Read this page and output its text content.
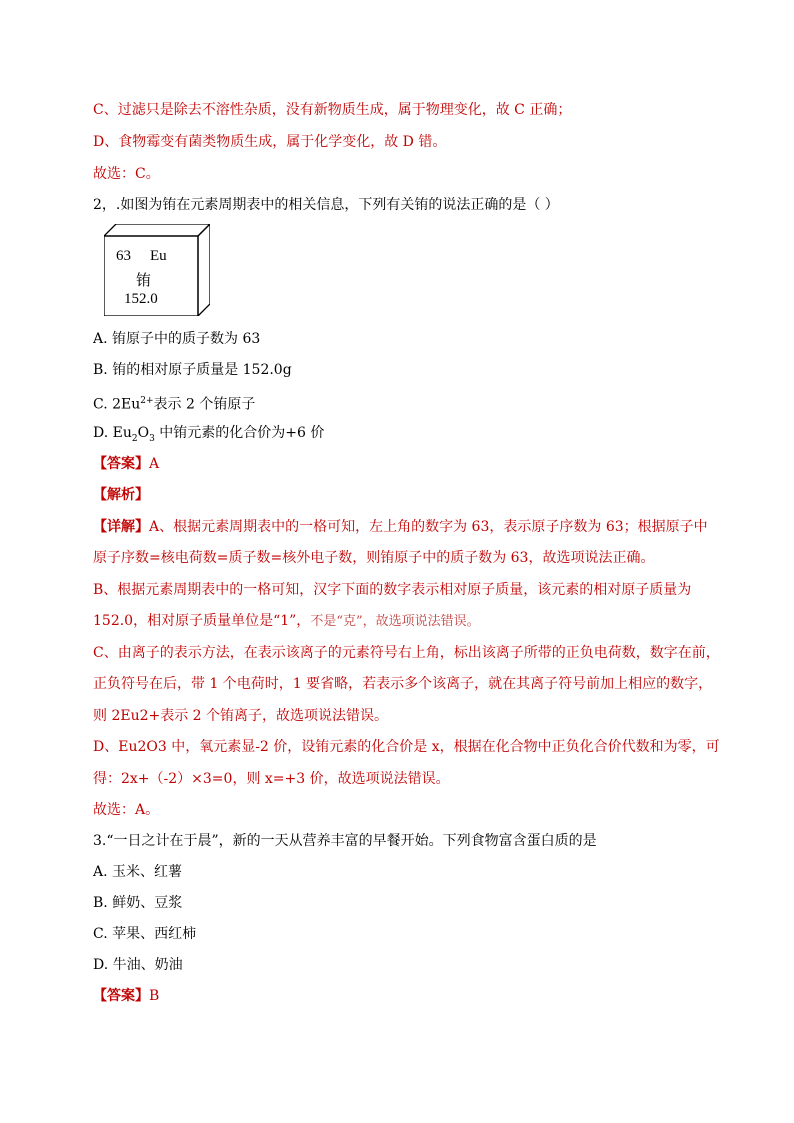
C、过滤只是除去不溶性杂质，没有新物质生成，属于物理变化，故 C 正确；
D、食物霉变有菌类物质生成，属于化学变化，故 D 错。
故选：C。
2，.如图为铕在元素周期表中的相关信息，下列有关铕的说法正确的是（ ）
63 Eu
铕
152.0
A. 铕原子中的质子数为 63
B. 铕的相对原子质量是 152.0g
C. $2Eu^{2+}$表示 2 个铕原子
D. $Eu_2O_3$ 中铕元素的化合价为+6 价
【答案】A
【解析】
【详解】A、根据元素周期表中的一格可知，左上角的数字为 63，表示原子序数为 63；根据原子中
原子序数=核电荷数=质子数=核外电子数，则铕原子中的质子数为 63，故选项说法正确。
B、根据元素周期表中的一格可知，汉字下面的数字表示相对原子质量，该元素的相对原子质量为
152.0，相对原子质量单位是“1”，不是“克”，故选项说法错误。
C、由离子的表示方法，在表示该离子的元素符号右上角，标出该离子所带的正负电荷数，数字在前，
正负符号在后，带 1 个电荷时，1 要省略，若表示多个该离子，就在其离子符号前加上相应的数字，
则 2Eu2+表示 2 个铕离子，故选项说法错误。
D、Eu2O3 中，氧元素显-2 价，设铕元素的化合价是 x，根据在化合物中正负化合价代数和为零，可
得：2x+（-2）×3=0，则 x=+3 价，故选项说法错误。
故选：A。
3.“一日之计在于晨”，新的一天从营养丰富的早餐开始。下列食物富含蛋白质的是
A. 玉米、红薯
B. 鲜奶、豆浆
C. 苹果、西红柿
D. 牛油、奶油
【答案】B
